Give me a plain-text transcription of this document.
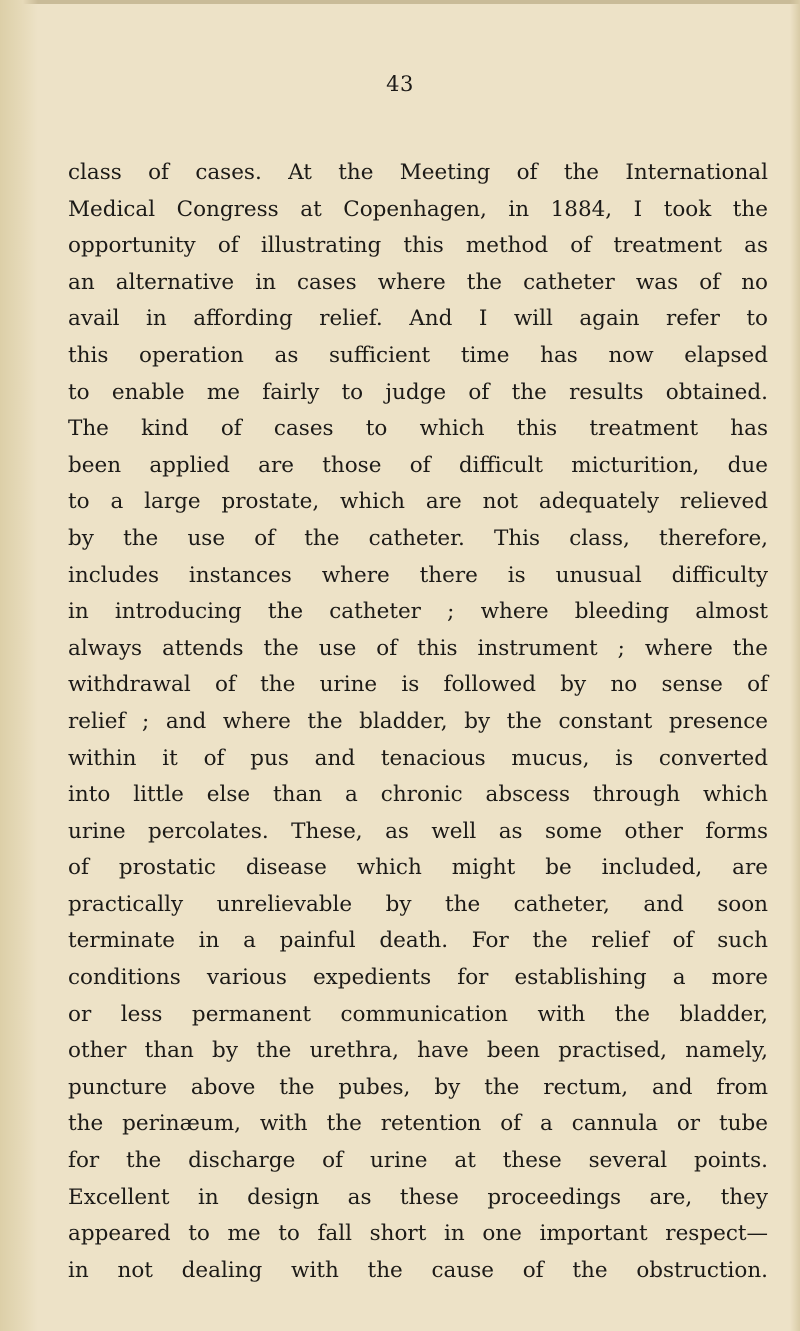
43
class of cases. At the Meeting of the International
Medical Congress at Copenhagen, in 1884, I took the
opportunity of illustrating this method of treatment as
an alternative in cases where the catheter was of no
avail in affording relief. And I will again refer to
this operation as sufficient time has now elapsed
to enable me fairly to judge of the results obtained.
The kind of cases to which this treatment has
been applied are those of difficult micturition, due
to a large prostate, which are not adequately relieved
by the use of the catheter. This class, therefore,
includes instances where there is unusual difficulty
in introducing the catheter ; where bleeding almost
always attends the use of this instrument ; where the
withdrawal of the urine is followed by no sense of
relief ; and where the bladder, by the constant presence
within it of pus and tenacious mucus, is converted
into little else than a chronic abscess through which
urine percolates. These, as well as some other forms
of prostatic disease which might be included, are
practically unrelievable by the catheter, and soon
terminate in a painful death. For the relief of such
conditions various expedients for establishing a more
or less permanent communication with the bladder,
other than by the urethra, have been practised, namely,
puncture above the pubes, by the rectum, and from
the perinæum, with the retention of a cannula or tube
for the discharge of urine at these several points.
Excellent in design as these proceedings are, they
appeared to me to fall short in one important respect—
in not dealing with the cause of the obstruction.
